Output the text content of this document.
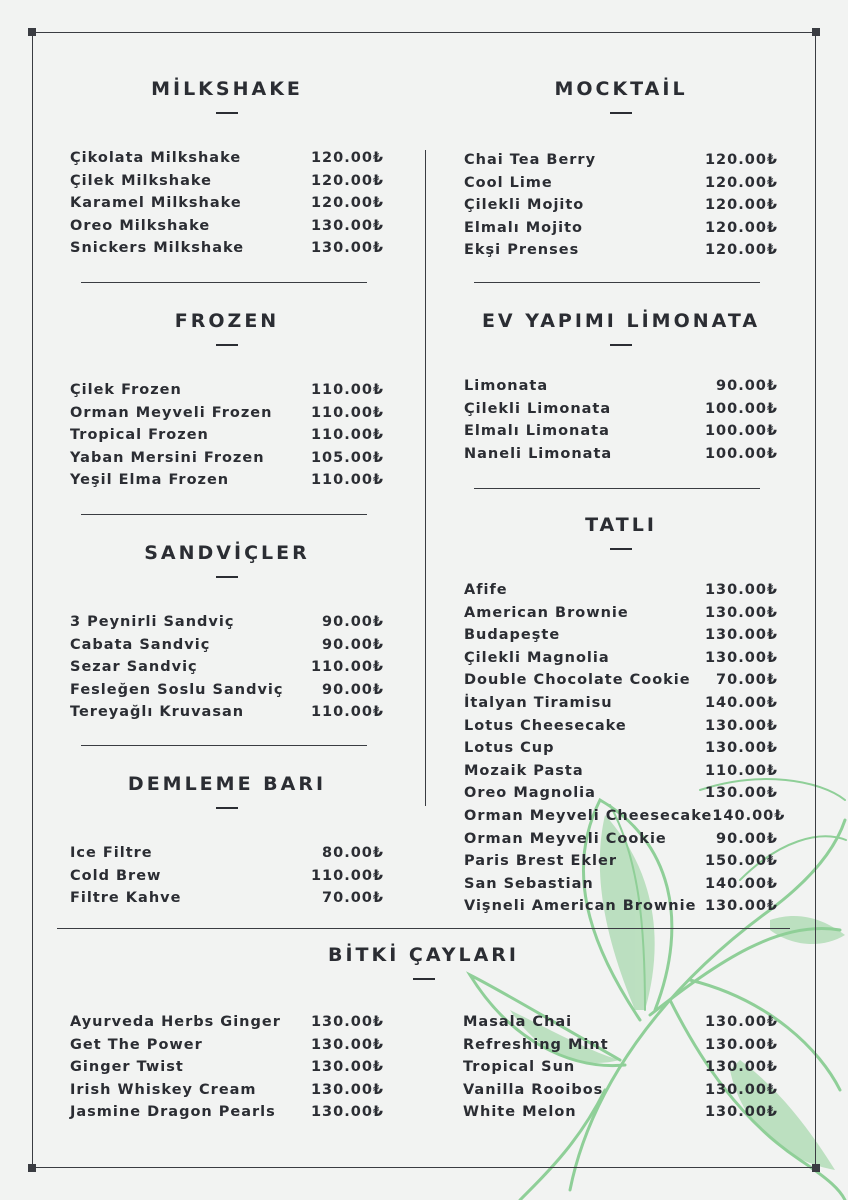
MİLKSHAKE
Çikolata Milkshake	120.00₺
Çilek Milkshake	120.00₺
Karamel Milkshake	120.00₺
Oreo Milkshake	130.00₺
Snickers Milkshake	130.00₺
FROZEN
Çilek Frozen	110.00₺
Orman Meyveli Frozen	110.00₺
Tropical Frozen	110.00₺
Yaban Mersini Frozen	105.00₺
Yeşil Elma Frozen	110.00₺
SANDVİÇLER
3 Peynirli Sandviç	90.00₺
Cabata Sandviç	90.00₺
Sezar Sandviç	110.00₺
Fesleğen Soslu Sandviç	90.00₺
Tereyağlı Kruvasan	110.00₺
DEMLEME BARI
Ice Filtre	80.00₺
Cold Brew	110.00₺
Filtre Kahve	70.00₺
MOCKTAİL
Chai Tea Berry	120.00₺
Cool Lime	120.00₺
Çilekli Mojito	120.00₺
Elmalı Mojito	120.00₺
Ekşi Prenses	120.00₺
EV YAPIMI LİMONATA
Limonata	90.00₺
Çilekli Limonata	100.00₺
Elmalı Limonata	100.00₺
Naneli Limonata	100.00₺
TATLI
Afife	130.00₺
American Brownie	130.00₺
Budapeşte	130.00₺
Çilekli Magnolia	130.00₺
Double Chocolate Cookie 70.00₺
İtalyan Tiramisu	140.00₺
Lotus Cheesecake	130.00₺
Lotus Cup	130.00₺
Mozaik Pasta	110.00₺
Oreo Magnolia	130.00₺
Orman Meyveli Cheesecake 140.00₺
Orman Meyveli Cookie	90.00₺
Paris Brest Ekler	150.00₺
San Sebastian	140.00₺
Vişneli American Brownie 130.00₺
BİTKİ ÇAYLARI
Ayurveda Herbs Ginger 130.00₺
Get The Power	130.00₺
Ginger Twist	130.00₺
Irish Whiskey Cream	130.00₺
Jasmine Dragon Pearls 130.00₺
Masala Chai	130.00₺
Refreshing Mint	130.00₺
Tropical Sun	130.00₺
Vanilla Rooibos	130.00₺
White Melon	130.00₺
